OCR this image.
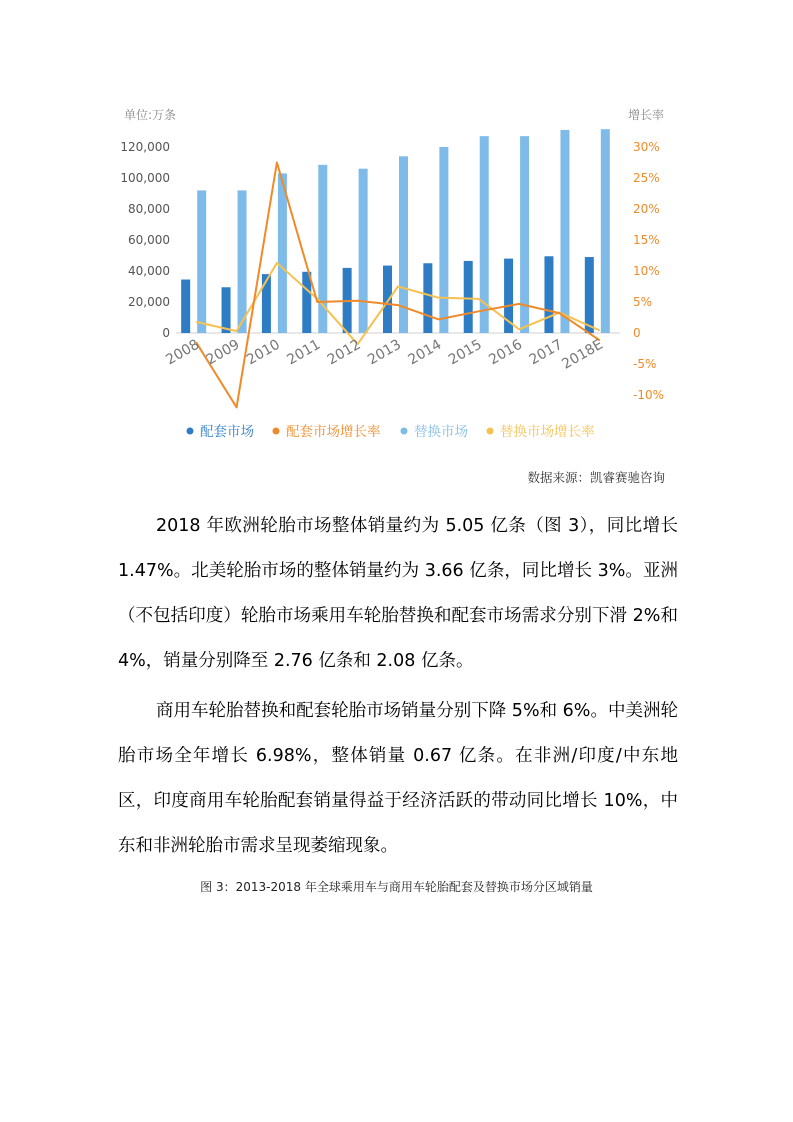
单位:万条	增长率
0
20,000
40,000
60,000
80,000
100,000
120,000
-10%
-5%
0
5%
10%
15%
20%
25%
30%
2008 2009 2010 2011 2012 2013 2014 2015 2016 2017
2018E
配套市场 配套市场增长率 替换市场 替换市场增长率
数据来源：凯睿赛驰咨询

2018 年欧洲轮胎市场整体销量约为 5.05 亿条（图 3），同比增长 1.47%。北美轮胎市场的整体销量约为 3.66 亿条，同比增长 3%。亚洲（不包括印度）轮胎市场乘用车轮胎替换和配套市场需求分别下滑 2%和 4%，销量分别降至 2.76 亿条和 2.08 亿条。

商用车轮胎替换和配套轮胎市场销量分别下降 5%和 6%。中美洲轮胎市场全年增长 6.98%，整体销量 0.67 亿条。在非洲/印度/中东地区，印度商用车轮胎配套销量得益于经济活跃的带动同比增长 10%，中东和非洲轮胎市需求呈现萎缩现象。

图 3：2013-2018 年全球乘用车与商用车轮胎配套及替换市场分区域销量
